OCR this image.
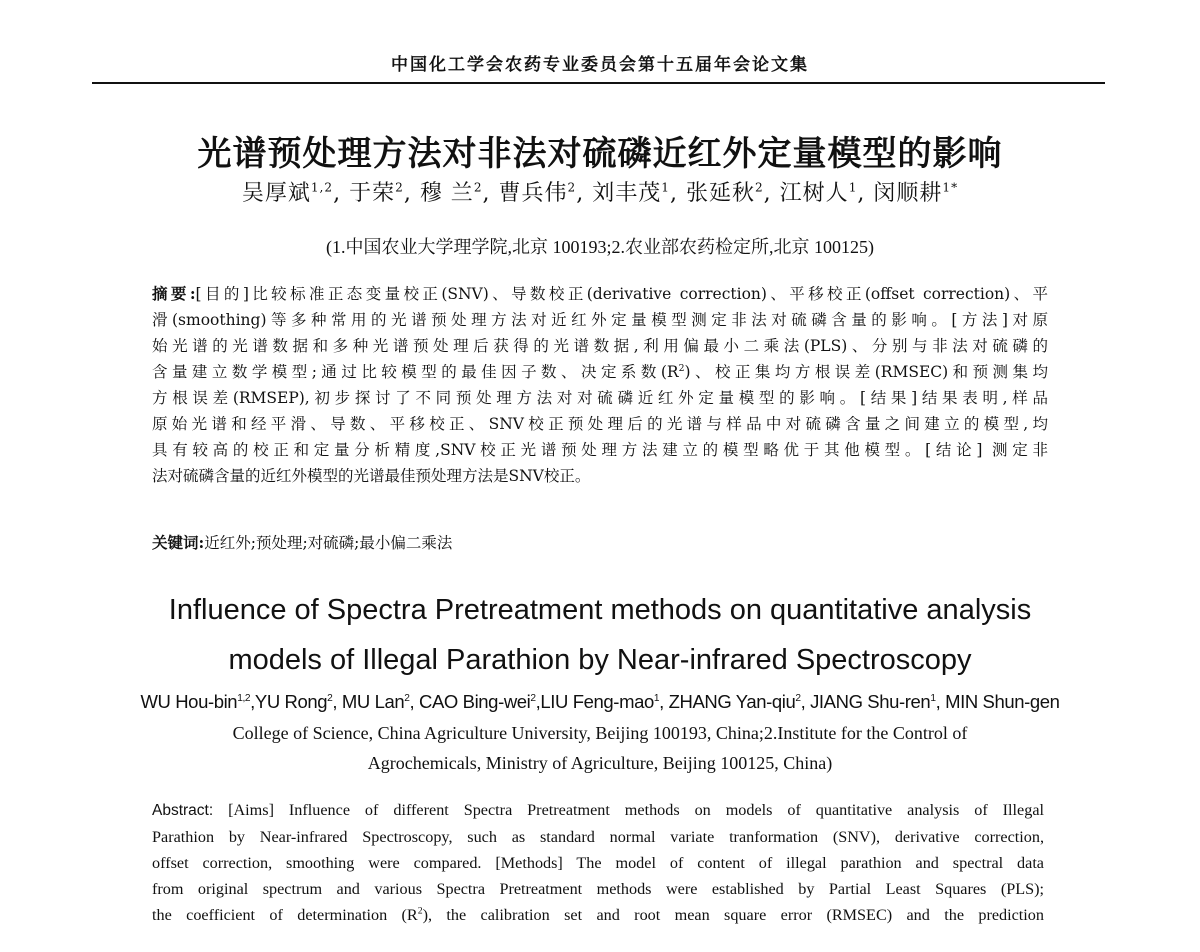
中国化工学会农药专业委员会第十五届年会论文集
光谱预处理方法对非法对硫磷近红外定量模型的影响
吴厚斌$^{1,2}$, 于荣$^2$, 穆 兰$^2$, 曹兵伟$^2$, 刘丰茂$^1$, 张延秋$^2$, 江树人$^1$, 闵顺耕$^{1*}$
(1.中国农业大学理学院,北京 100193;2.农业部农药检定所,北京 100125)
摘要:[目的]比较标准正态变量校正(SNV)、导数校正(derivative correction)、平移校正(offset correction)、平
滑(smoothing)等多种常用的光谱预处理方法对近红外定量模型测定非法对硫磷含量的影响。[方法]对原
始光谱的光谱数据和多种光谱预处理后获得的光谱数据,利用偏最小二乘法(PLS)、分别与非法对硫磷的
含量建立数学模型;通过比较模型的最佳因子数、决定系数$(R^2)$、校正集均方根误差(RMSEC)和预测集均
方根误差(RMSEP),初步探讨了不同预处理方法对对硫磷近红外定量模型的影响。[结果]结果表明,样品
原始光谱和经平滑、导数、平移校正、SNV校正预处理后的光谱与样品中对硫磷含量之间建立的模型,均
具有较高的校正和定量分析精度,SNV校正光谱预处理方法建立的模型略优于其他模型。[结论] 测定非
法对硫磷含量的近红外模型的光谱最佳预处理方法是SNV校正。
关键词:近红外;预处理;对硫磷;最小偏二乘法
Influence of Spectra Pretreatment methods on quantitative analysis
models of Illegal Parathion by Near-infrared Spectroscopy
WU Hou-bin$^{1,2}$,YU Rong$^2$, MU Lan$^2$, CAO Bing-wei$^2$,LIU Feng-mao$^1$, ZHANG Yan-qiu$^2$, JIANG Shu-ren$^1$, MIN Shun-gen
College of Science, China Agriculture University, Beijing 100193, China;2.Institute for the Control of
Agrochemicals, Ministry of Agriculture, Beijing 100125, China)
Abstract: [Aims] Influence of different Spectra Pretreatment methods on models of quantitative analysis of Illegal
Parathion by Near-infrared Spectroscopy, such as standard normal variate tranformation (SNV), derivative correction,
offset correction, smoothing were compared. [Methods] The model of content of illegal parathion and spectral data
from original spectrum and various Spectra Pretreatment methods were established by Partial Least Squares (PLS);
the coefficient of determination $(R^2)$, the calibration set and root mean square error (RMSEC) and the prediction
